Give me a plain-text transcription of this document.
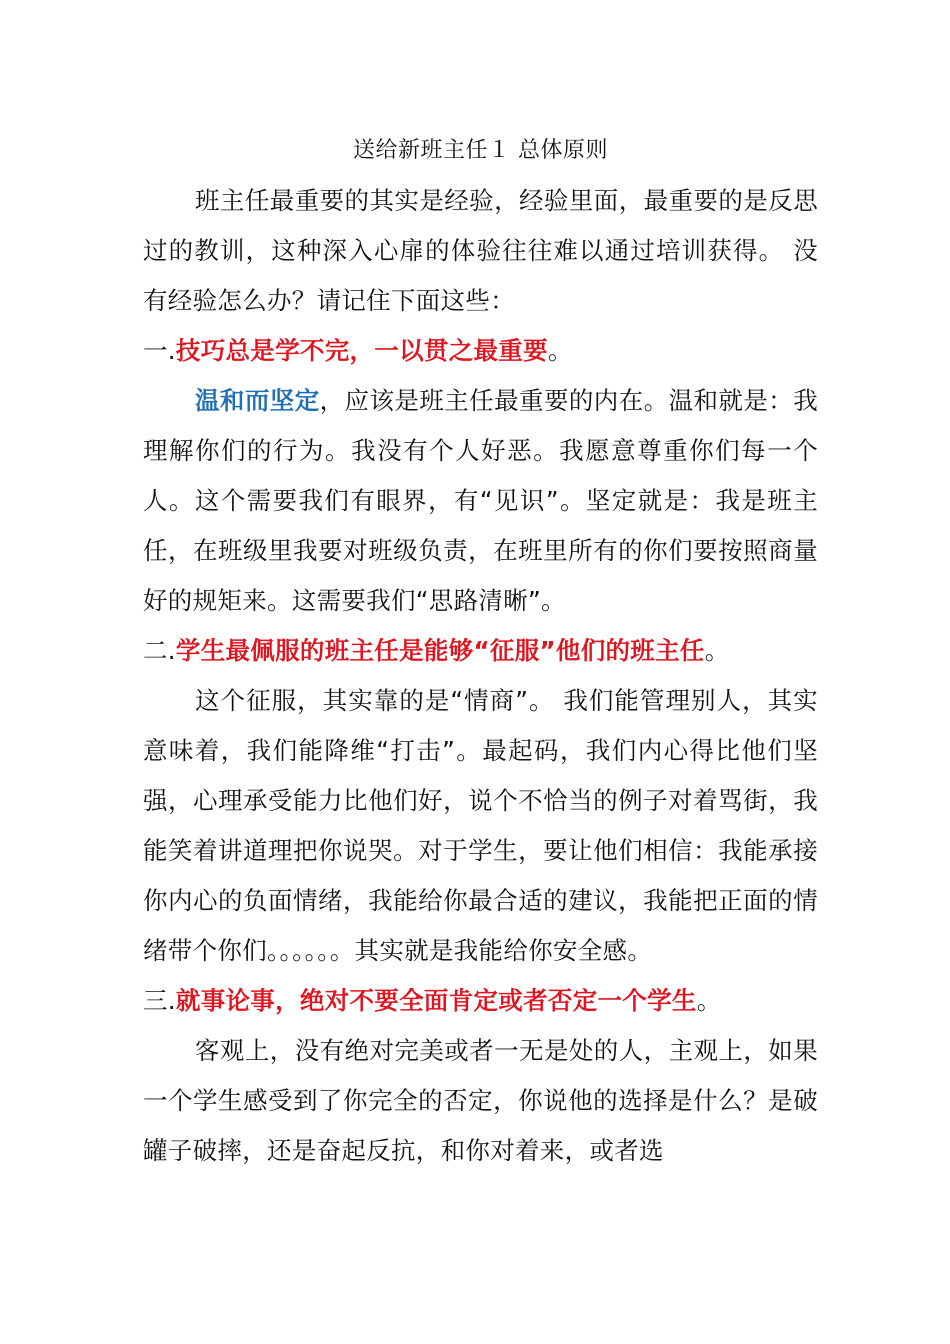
送给新班主任１ 总体原则

班主任最重要的其实是经验，经验里面，最重要的是反思过的教训，这种深入心扉的体验往往难以通过培训获得。 没有经验怎么办？请记住下面这些：

一.技巧总是学不完，一以贯之最重要。

温和而坚定，应该是班主任最重要的内在。温和就是：我理解你们的行为。我没有个人好恶。我愿意尊重你们每一个人。这个需要我们有眼界，有“见识”。坚定就是：我是班主任，在班级里我要对班级负责，在班里所有的你们要按照商量好的规矩来。这需要我们“思路清晰”。

二.学生最佩服的班主任是能够“征服”他们的班主任。

这个征服，其实靠的是“情商”。 我们能管理别人，其实意味着，我们能降维“打击”。最起码，我们内心得比他们坚强，心理承受能力比他们好，说个不恰当的例子对着骂街，我能笑着讲道理把你说哭。对于学生，要让他们相信：我能承接你内心的负面情绪，我能给你最合适的建议，我能把正面的情绪带个你们。。。。。。其实就是我能给你安全感。

三.就事论事，绝对不要全面肯定或者否定一个学生。

客观上，没有绝对完美或者一无是处的人，主观上，如果一个学生感受到了你完全的否定，你说他的选择是什么？是破罐子破摔，还是奋起反抗，和你对着来，或者选
